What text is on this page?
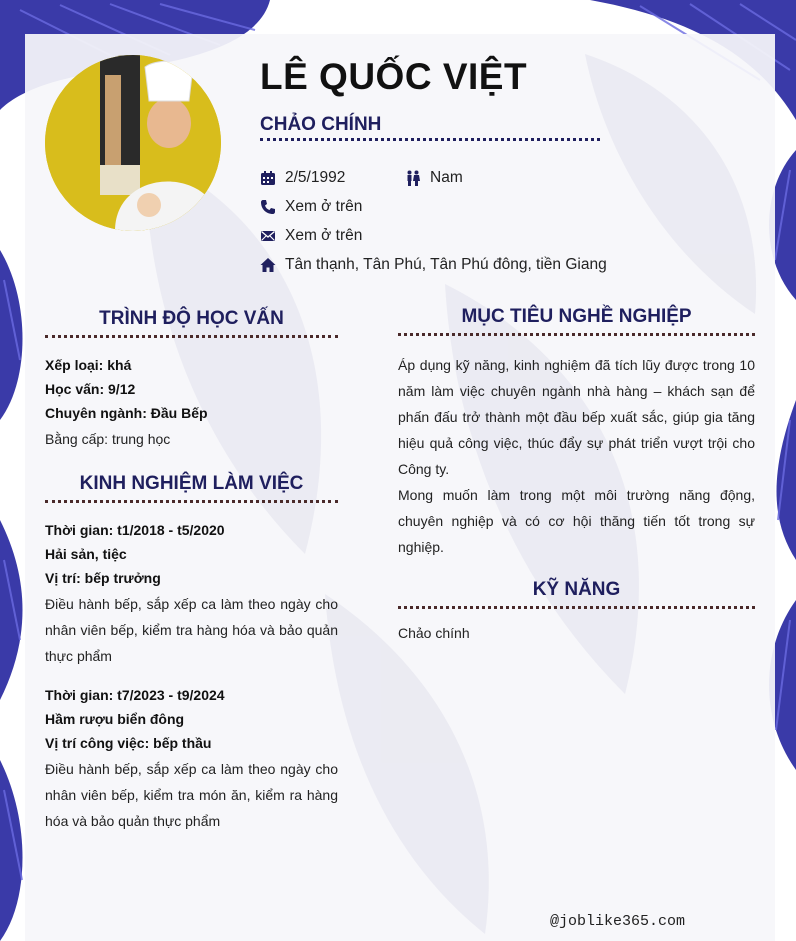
LÊ QUỐC VIỆT
CHẢO CHÍNH
2/5/1992	Nam
Xem ở trên
Xem ở trên
Tân thạnh, Tân Phú, Tân Phú đông, tiền Giang
TRÌNH ĐỘ HỌC VẤN
Xếp loại: khá
Học vấn: 9/12
Chuyên ngành: Đầu Bếp
Bằng cấp: trung học
KINH NGHIỆM LÀM VIỆC
Thời gian: t1/2018 - t5/2020
Hải sản, tiệc
Vị trí: bếp trưởng
Điều hành bếp, sắp xếp ca làm theo ngày cho nhân viên bếp, kiểm tra hàng hóa và bảo quản thực phẩm
Thời gian: t7/2023 - t9/2024
Hầm rượu biển đông
Vị trí công việc: bếp thầu
Điều hành bếp, sắp xếp ca làm theo ngày cho nhân viên bếp, kiểm tra món ăn, kiểm ra hàng hóa và bảo quản thực phẩm
MỤC TIÊU NGHỀ NGHIỆP
Áp dụng kỹ năng, kinh nghiệm đã tích lũy được trong 10 năm làm việc chuyên ngành nhà hàng – khách sạn để phấn đấu trở thành một đầu bếp xuất sắc, giúp gia tăng hiệu quả công việc, thúc đẩy sự phát triển vượt trội cho Công ty.
Mong muốn làm trong một môi trường năng động, chuyên nghiệp và có cơ hội thăng tiến tốt trong sự nghiệp.
KỸ NĂNG
Chảo chính
@joblike365.com
